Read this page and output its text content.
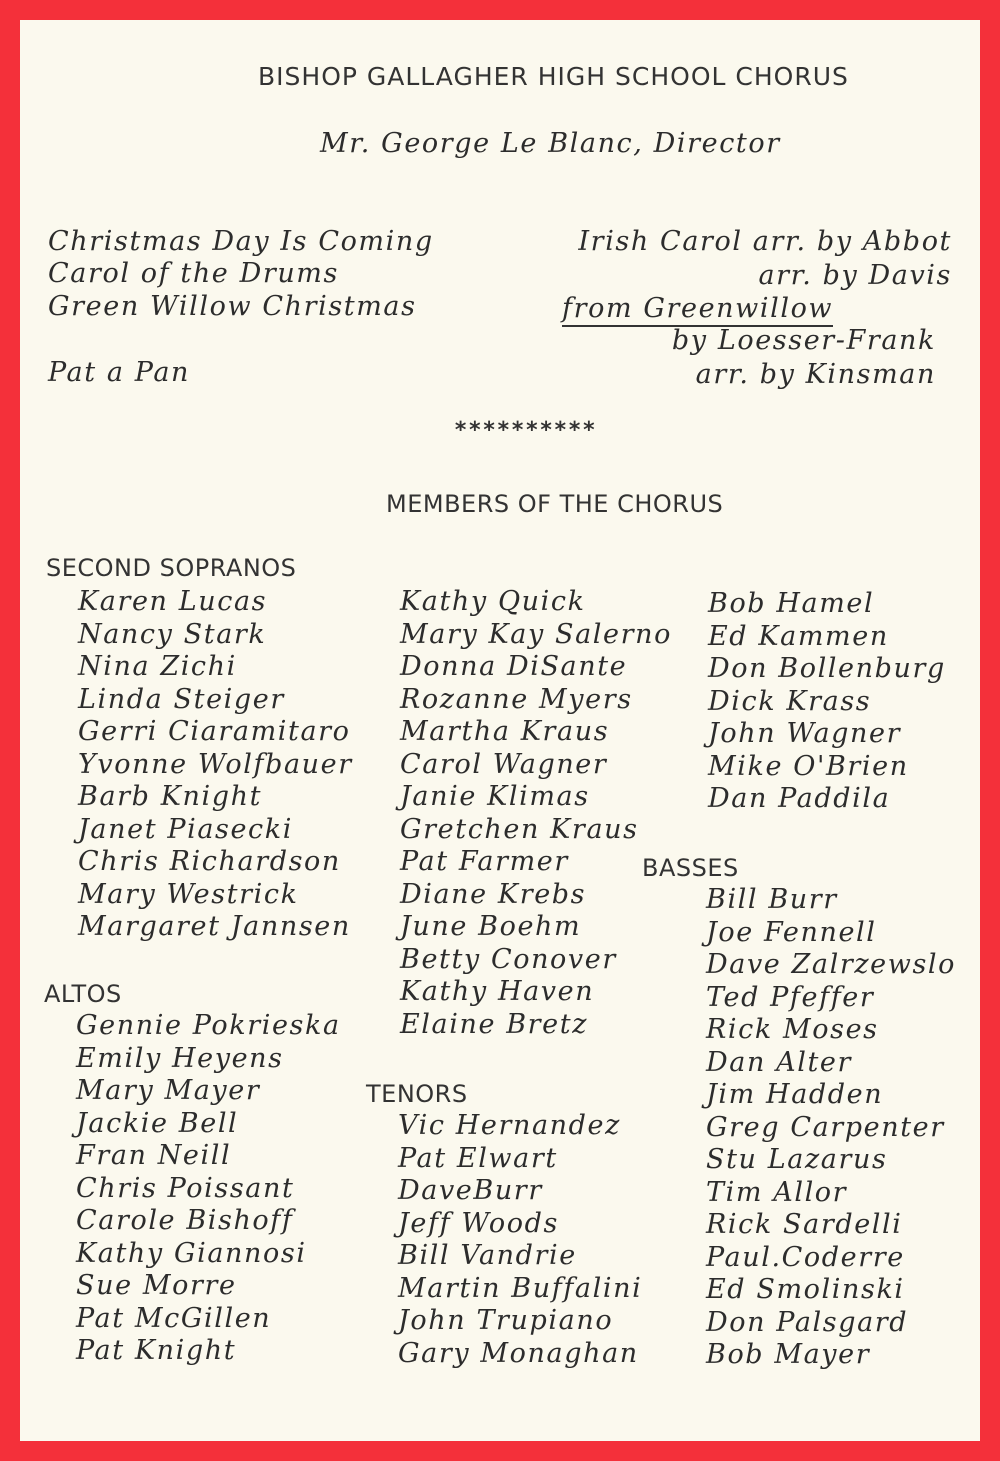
BISHOP GALLAGHER HIGH SCHOOL CHORUS
Mr. George Le Blanc, Director
Christmas Day Is Coming
Carol of the Drums
Green Willow Christmas
Pat a Pan
Irish Carol arr. by Abbot
arr. by Davis
from Greenwillow
by Loesser-Frank
arr. by Kinsman
**********
MEMBERS OF THE CHORUS
SECOND SOPRANOS
Karen Lucas
Nancy Stark
Nina Zichi
Linda Steiger
Gerri Ciaramitaro
Yvonne Wolfbauer
Barb Knight
Janet Piasecki
Chris Richardson
Mary Westrick
Margaret Jannsen
ALTOS
Gennie Pokrieska
Emily Heyens
Mary Mayer
Jackie Bell
Fran Neill
Chris Poissant
Carole Bishoff
Kathy Giannosi
Sue Morre
Pat McGillen
Pat Knight
Kathy Quick
Mary Kay Salerno
Donna DiSante
Rozanne Myers
Martha Kraus
Carol Wagner
Janie Klimas
Gretchen Kraus
Pat Farmer
Diane Krebs
June Boehm
Betty Conover
Kathy Haven
Elaine Bretz
TENORS
Vic Hernandez
Pat Elwart
DaveBurr
Jeff Woods
Bill Vandrie
Martin Buffalini
John Trupiano
Gary Monaghan
Bob Hamel
Ed Kammen
Don Bollenburg
Dick Krass
John Wagner
Mike O'Brien
Dan Paddila
BASSES
Bill Burr
Joe Fennell
Dave Zalrzewslo
Ted Pfeffer
Rick Moses
Dan Alter
Jim Hadden
Greg Carpenter
Stu Lazarus
Tim Allor
Rick Sardelli
Paul.Coderre
Ed Smolinski
Don Palsgard
Bob Mayer
